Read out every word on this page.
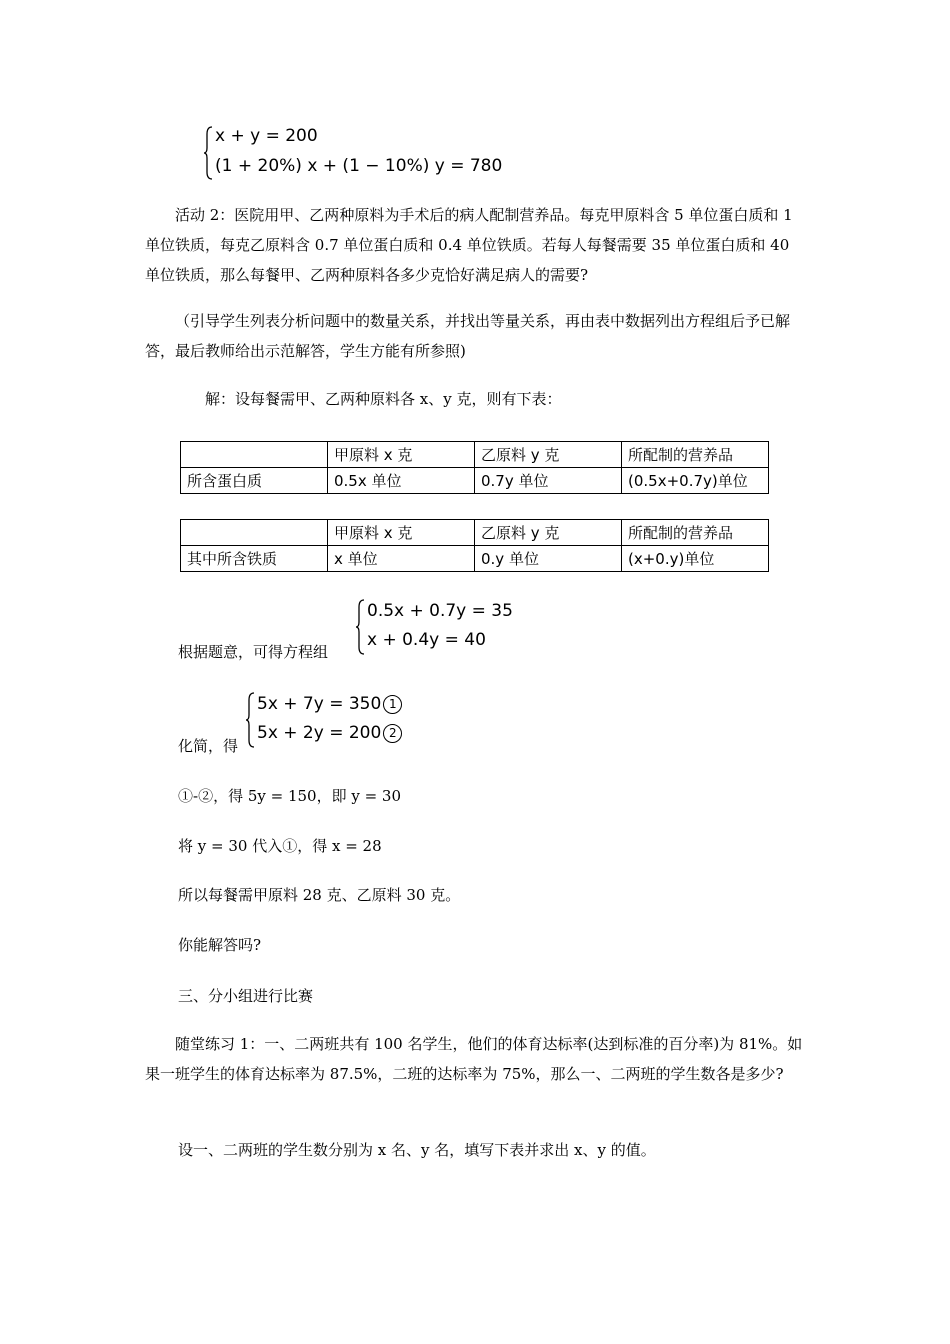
x + y = 200
(1 + 20%) x + (1 − 10%) y = 780
活动 2：医院用甲、乙两种原料为手术后的病人配制营养品。每克甲原料含 5 单位蛋白质和 1 单位铁质，每克乙原料含 0.7 单位蛋白质和 0.4 单位铁质。若每人每餐需要 35 单位蛋白质和 40 单位铁质，那么每餐甲、乙两种原料各多少克恰好满足病人的需要?
（引导学生列表分析问题中的数量关系，并找出等量关系，再由表中数据列出方程组后予已解答，最后教师给出示范解答，学生方能有所参照)
解：设每餐需甲、乙两种原料各 x、y 克，则有下表：
	甲原料 x 克	乙原料 y 克	所配制的营养品
所含蛋白质	0.5x 单位	0.7y 单位	(0.5x+0.7y)单位
	甲原料 x 克	乙原料 y 克	所配制的营养品
其中所含铁质	x 单位	0.y 单位	(x+0.y)单位
根据题意，可得方程组
0.5x + 0.7y = 35
x + 0.4y = 40
化简，得
5x + 7y = 350 1
5x + 2y = 200 2
①-②，得 5y = 150，即 y = 30
将 y = 30 代入①，得 x = 28
所以每餐需甲原料 28 克、乙原料 30 克。
你能解答吗?
三、分小组进行比赛
随堂练习 1：一、二两班共有 100 名学生，他们的体育达标率(达到标准的百分率)为 81%。如果一班学生的体育达标率为 87.5%，二班的达标率为 75%，那么一、二两班的学生数各是多少?
设一、二两班的学生数分别为 x 名、y 名，填写下表并求出 x、y 的值。
